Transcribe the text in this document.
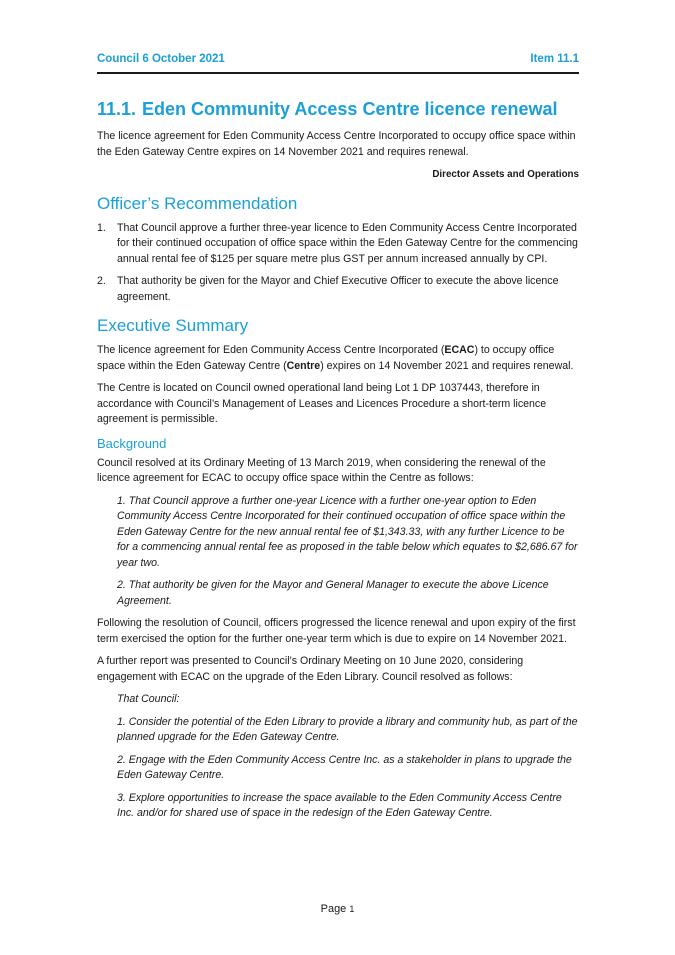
Council 6 October 2021	Item 11.1
11.1. Eden Community Access Centre licence renewal

The licence agreement for Eden Community Access Centre Incorporated to occupy office space within the Eden Gateway Centre expires on 14 November 2021 and requires renewal.

Director Assets and Operations

Officer’s Recommendation
1. That Council approve a further three-year licence to Eden Community Access Centre Incorporated for their continued occupation of office space within the Eden Gateway Centre for the commencing annual rental fee of $125 per square metre plus GST per annum increased annually by CPI.
2. That authority be given for the Mayor and Chief Executive Officer to execute the above licence agreement.
Executive Summary

The licence agreement for Eden Community Access Centre Incorporated (ECAC) to occupy office space within the Eden Gateway Centre (Centre) expires on 14 November 2021 and requires renewal.

The Centre is located on Council owned operational land being Lot 1 DP 1037443, therefore in accordance with Council’s Management of Leases and Licences Procedure a short-term licence agreement is permissible.

Background

Council resolved at its Ordinary Meeting of 13 March 2019, when considering the renewal of the licence agreement for ECAC to occupy office space within the Centre as follows:

1. That Council approve a further one-year Licence with a further one-year option to Eden Community Access Centre Incorporated for their continued occupation of office space within the Eden Gateway Centre for the new annual rental fee of $1,343.33, with any further Licence to be for a commencing annual rental fee as proposed in the table below which equates to $2,686.67 for year two.

2. That authority be given for the Mayor and General Manager to execute the above Licence Agreement.

Following the resolution of Council, officers progressed the licence renewal and upon expiry of the first term exercised the option for the further one-year term which is due to expire on 14 November 2021.

A further report was presented to Council’s Ordinary Meeting on 10 June 2020, considering engagement with ECAC on the upgrade of the Eden Library. Council resolved as follows:

That Council:

1. Consider the potential of the Eden Library to provide a library and community hub, as part of the planned upgrade for the Eden Gateway Centre.

2. Engage with the Eden Community Access Centre Inc. as a stakeholder in plans to upgrade the Eden Gateway Centre.

3. Explore opportunities to increase the space available to the Eden Community Access Centre Inc. and/or for shared use of space in the redesign of the Eden Gateway Centre.

Page 1
